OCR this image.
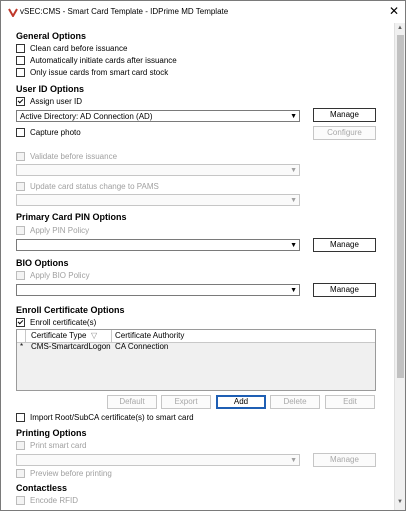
vSEC:CMS - Smart Card Template - IDPrime MD Template	✕
General Options
Clean card before issuance
Automatically initiate cards after issuance
Only issue cards from smart card stock
User ID Options
Assign user ID
Active Directory: AD Connection (AD)	▼	Manage
Capture photo	Configure
Validate before issuance
▼
Update card status change to PAMS
▼
Primary Card PIN Options
Apply PIN Policy
▼	Manage
BIO Options
Apply BIO Policy
▼	Manage
Enroll Certificate Options
Enroll certificate(s)
Certificate Type ▽ Certificate Authority
* CMS-SmartcardLogon CA Connection
Default	Export	Add	Delete	Edit
Import Root/SubCA certificate(s) to smart card
Printing Options
Print smart card
▼	Manage
Preview before printing
Contactless
Encode RFID
▲
▼
